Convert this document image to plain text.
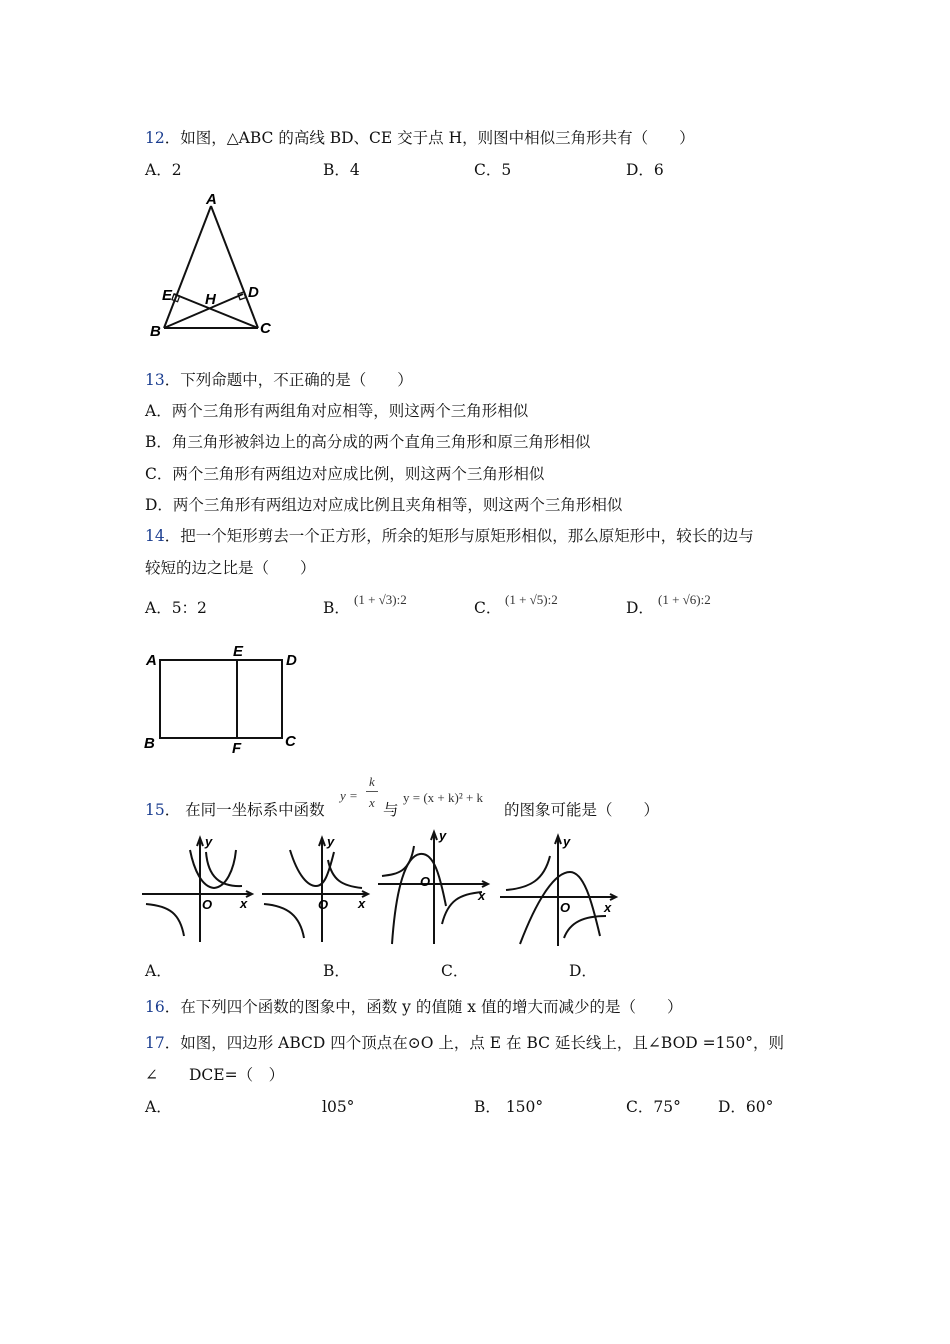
12．如图，△ABC 的高线 BD、CE 交于点 H，则图中相似三角形共有（　　）
A．2	B．4	C．5	D．6
A
B	C
D
E H
13．下列命题中，不正确的是（　　）
A．两个三角形有两组角对应相等，则这两个三角形相似
B．角三角形被斜边上的高分成的两个直角三角形和原三角形相似
C．两个三角形有两组边对应成比例，则这两个三角形相似
D．两个三角形有两组边对应成比例且夹角相等，则这两个三角形相似
14．把一个矩形剪去一个正方形，所余的矩形与原矩形相似，那么原矩形中，较长的边与
较短的边之比是（　　）
A．5：2	B． (1 + √3):2	C． (1 + √5):2	D． (1 + √6):2
A
E
D
B	F	C
15． 在同一坐标系中函数
y =
k
x 与
y = (x + k)² + k
的图象可能是（　　）
y
x
O
y
x
O
y
x
O
y
x
O
A．	B．	C．	D．
16．在下列四个函数的图象中，函数 y 的值随 x 值的增大而减少的是（　　）
17．如图，四边形 ABCD 四个顶点在⊙O 上，点 E 在 BC 延长线上，且∠BOD =150°，则
∠　　DCE=（　）
A．	l05°	B． 150°	C．75° D．60°
